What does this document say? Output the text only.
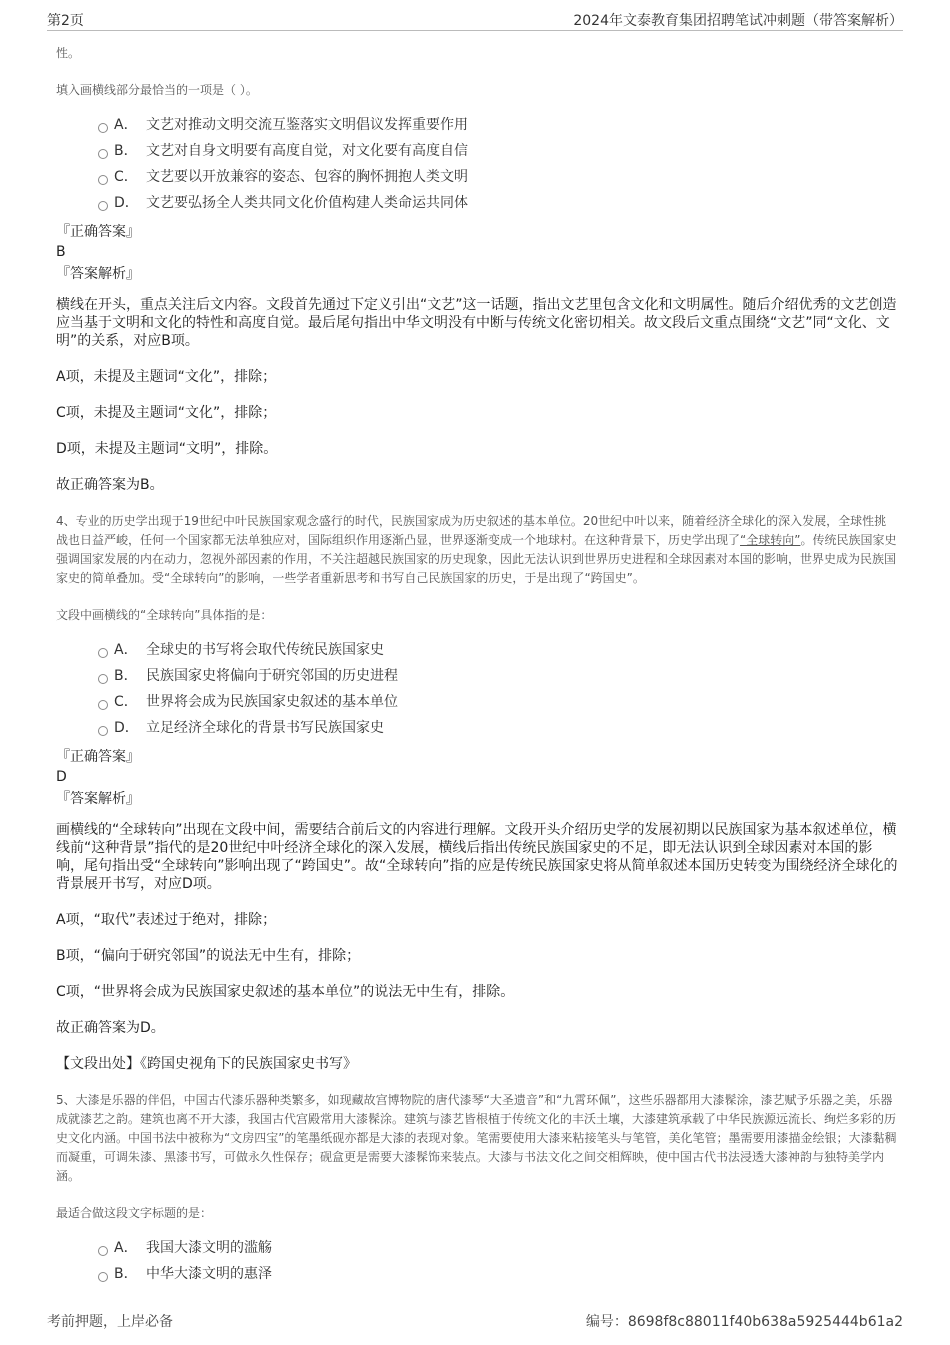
第2页	2024年文泰教育集团招聘笔试冲刺题（带答案解析）
性。
填入画横线部分最恰当的一项是（ ）。
A． 文艺对推动文明交流互鉴落实文明倡议发挥重要作用
B． 文艺对自身文明要有高度自觉，对文化要有高度自信
C． 文艺要以开放兼容的姿态、包容的胸怀拥抱人类文明
D． 文艺要弘扬全人类共同文化价值构建人类命运共同体
『正确答案』
B
『答案解析』
横线在开头，重点关注后文内容。文段首先通过下定义引出“文艺”这一话题，指出文艺里包含文化和文明属性。随后介绍优秀的文艺创造应当基于文明和文化的特性和高度自觉。最后尾句指出中华文明没有中断与传统文化密切相关。故文段后文重点围绕“文艺”同“文化、文明”的关系，对应B项。
A项，未提及主题词“文化”，排除；
C项，未提及主题词“文化”，排除；
D项，未提及主题词“文明”，排除。
故正确答案为B。
4、专业的历史学出现于19世纪中叶民族国家观念盛行的时代，民族国家成为历史叙述的基本单位。20世纪中叶以来，随着经济全球化的深入发展，全球性挑战也日益严峻，任何一个国家都无法单独应对，国际组织作用逐渐凸显，世界逐渐变成一个地球村。在这种背景下，历史学出现了“全球转向”。传统民族国家史强调国家发展的内在动力，忽视外部因素的作用，不关注超越民族国家的历史现象，因此无法认识到世界历史进程和全球因素对本国的影响，世界史成为民族国家史的简单叠加。受“全球转向”的影响，一些学者重新思考和书写自己民族国家的历史，于是出现了“跨国史”。
文段中画横线的“全球转向”具体指的是：
A． 全球史的书写将会取代传统民族国家史
B． 民族国家史将偏向于研究邻国的历史进程
C． 世界将会成为民族国家史叙述的基本单位
D． 立足经济全球化的背景书写民族国家史
『正确答案』
D
『答案解析』
画横线的“全球转向”出现在文段中间，需要结合前后文的内容进行理解。文段开头介绍历史学的发展初期以民族国家为基本叙述单位，横线前“这种背景”指代的是20世纪中叶经济全球化的深入发展，横线后指出传统民族国家史的不足，即无法认识到全球因素对本国的影响，尾句指出受“全球转向”影响出现了“跨国史”。故“全球转向”指的应是传统民族国家史将从简单叙述本国历史转变为围绕经济全球化的背景展开书写，对应D项。
A项，“取代”表述过于绝对，排除；
B项，“偏向于研究邻国”的说法无中生有，排除；
C项，“世界将会成为民族国家史叙述的基本单位”的说法无中生有，排除。
故正确答案为D。
【文段出处】《跨国史视角下的民族国家史书写》
5、大漆是乐器的伴侣，中国古代漆乐器种类繁多，如现藏故宫博物院的唐代漆琴“大圣遗音”和“九霄环佩”，这些乐器都用大漆髹涂，漆艺赋予乐器之美，乐器成就漆艺之韵。建筑也离不开大漆，我国古代宫殿常用大漆髹涂。建筑与漆艺皆根植于传统文化的丰沃土壤，大漆建筑承载了中华民族源远流长、绚烂多彩的历史文化内涵。中国书法中被称为“文房四宝”的笔墨纸砚亦都是大漆的表现对象。笔需要使用大漆来粘接笔头与笔管，美化笔管；墨需要用漆描金绘银；大漆黏稠而凝重，可调朱漆、黑漆书写，可做永久性保存；砚盒更是需要大漆髹饰来装点。大漆与书法文化之间交相辉映，使中国古代书法浸透大漆神韵与独特美学内涵。
最适合做这段文字标题的是：
A． 我国大漆文明的滥觞
B． 中华大漆文明的惠泽
考前押题，上岸必备	编号：8698f8c88011f40b638a5925444b61a2
